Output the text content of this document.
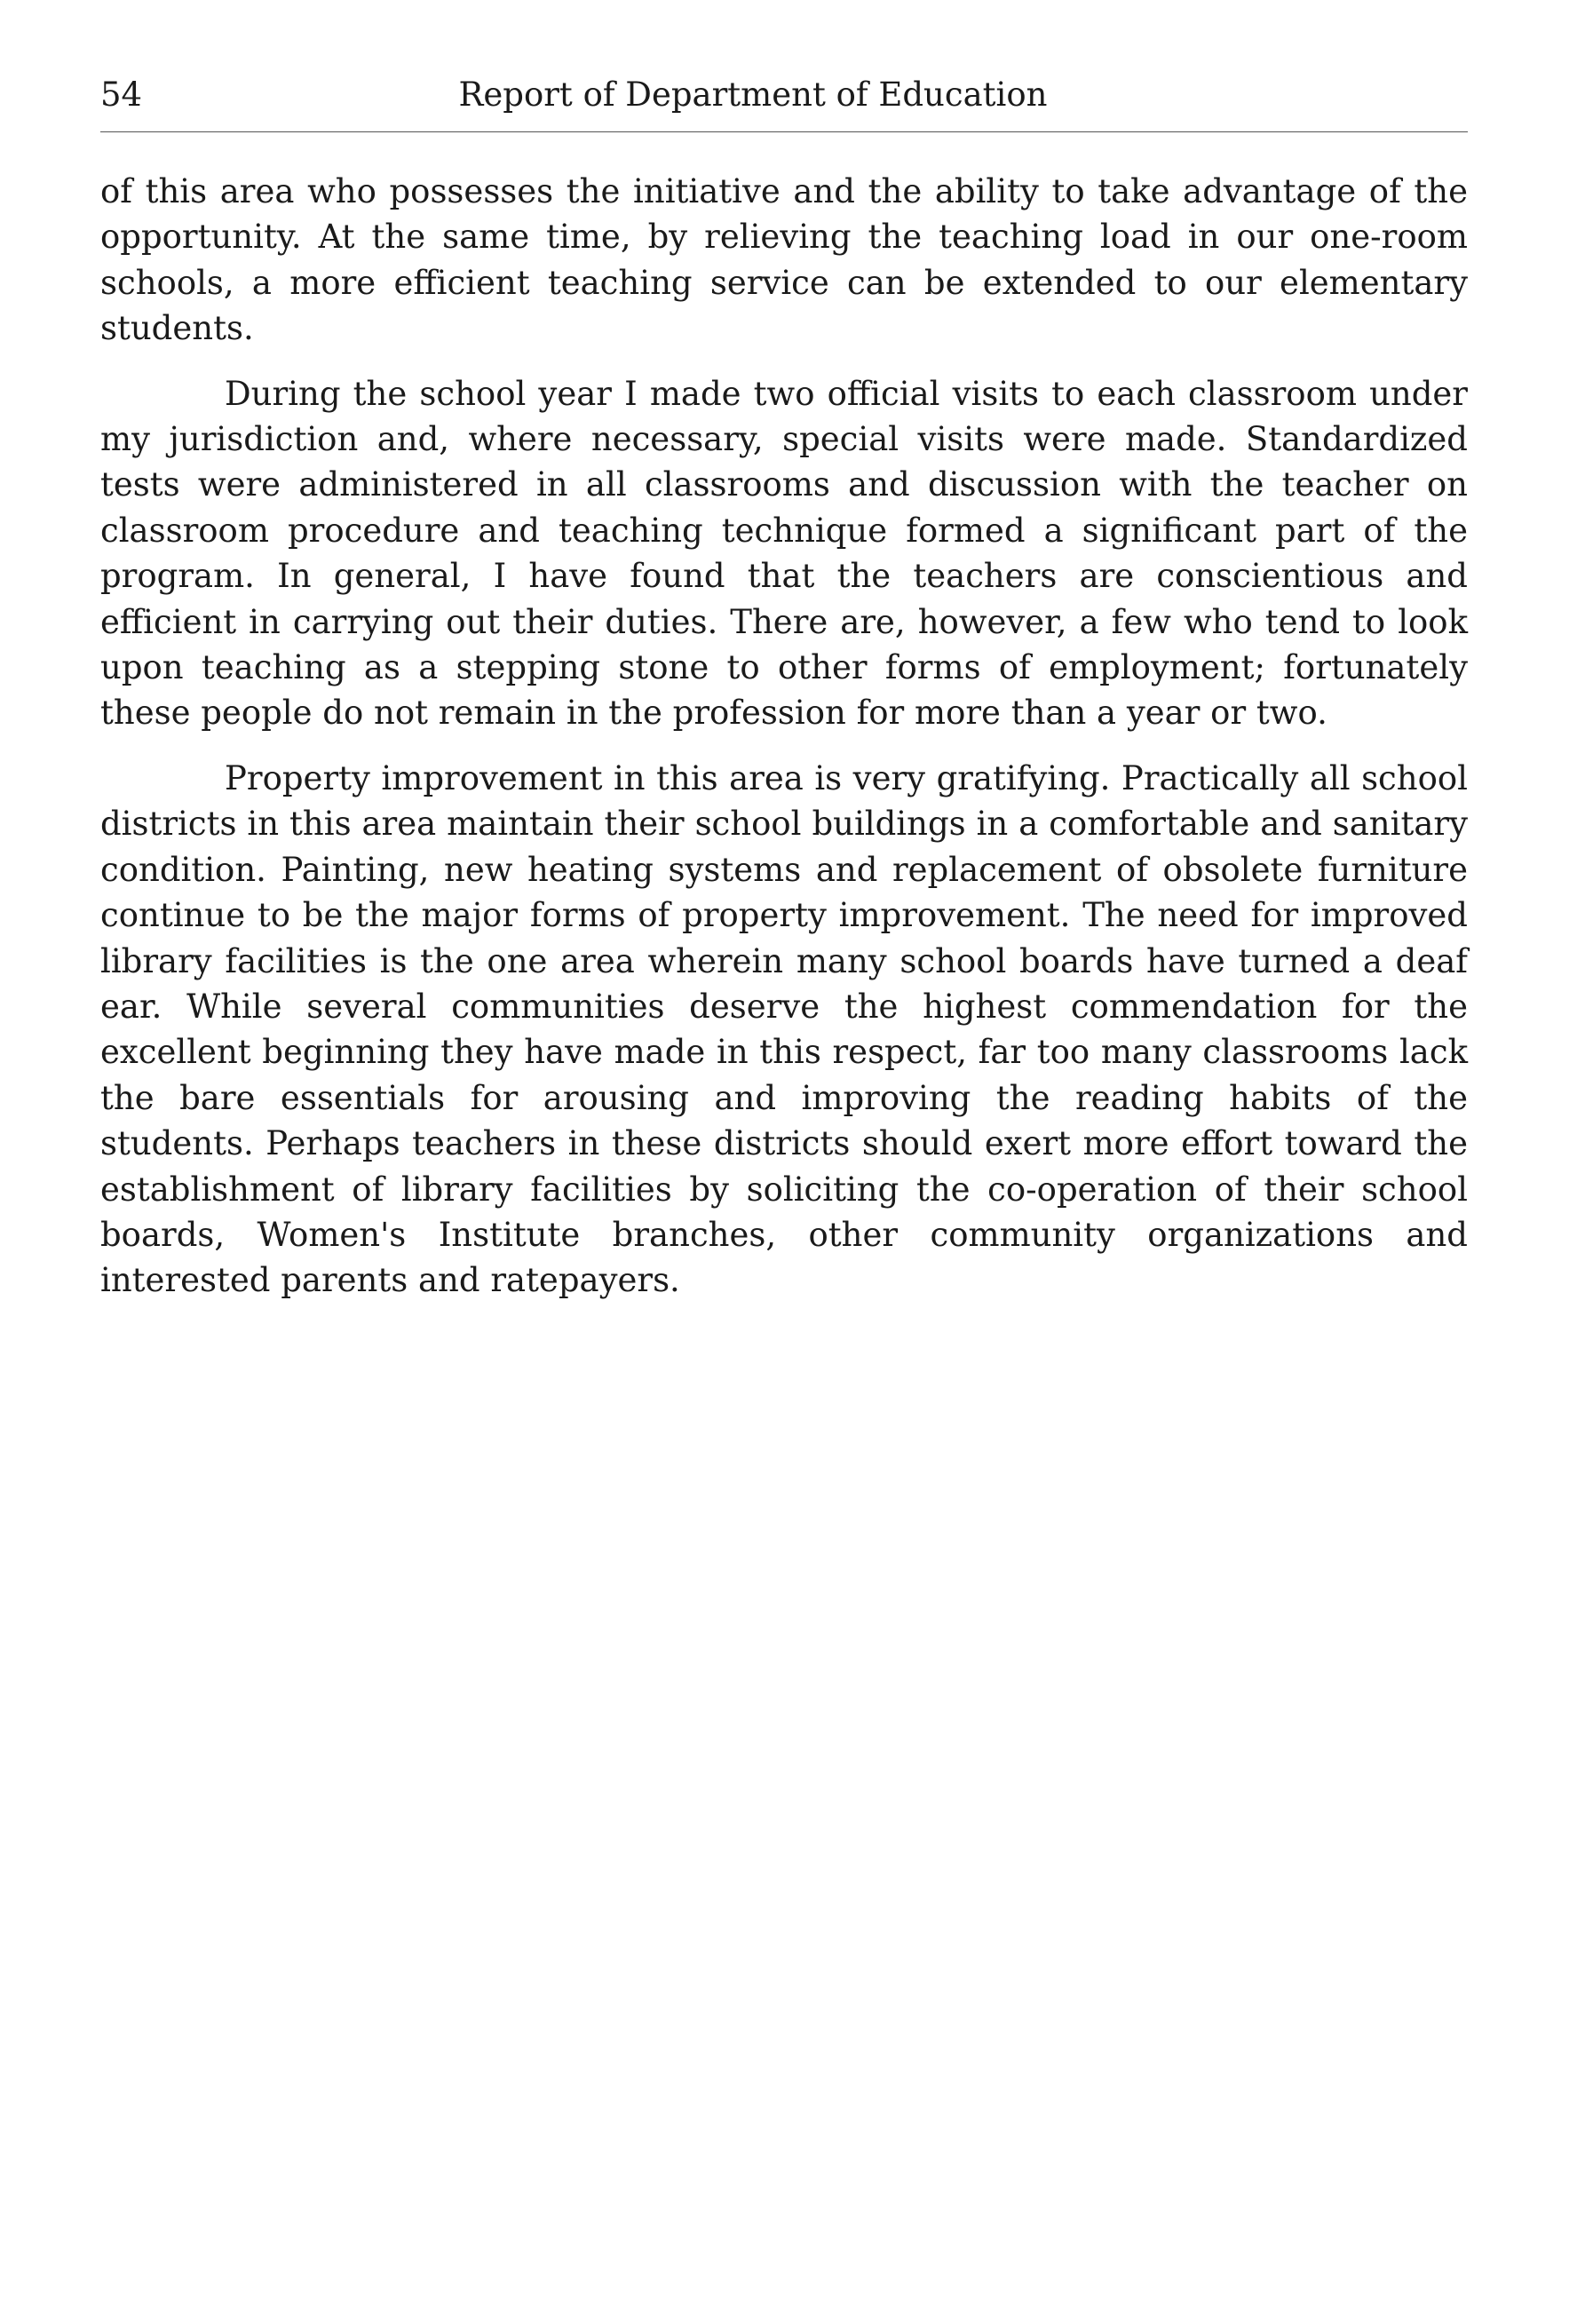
54	Report of Department of Education

of this area who possesses the initiative and the ability to take advantage of the opportunity. At the same time, by relieving the teaching load in our one-room schools, a more efficient teaching service can be extended to our elementary students.

During the school year I made two official visits to each classroom under my jurisdiction and, where necessary, special visits were made. Standardized tests were administered in all classrooms and discussion with the teacher on classroom procedure and teaching technique formed a significant part of the program. In general, I have found that the teachers are conscientious and efficient in carrying out their duties. There are, however, a few who tend to look upon teaching as a stepping stone to other forms of employment; fortunately these people do not remain in the profession for more than a year or two.

Property improvement in this area is very gratifying. Practically all school districts in this area maintain their school buildings in a comfortable and sanitary condition. Painting, new heating systems and replacement of obsolete furniture continue to be the major forms of property improvement. The need for improved library facilities is the one area wherein many school boards have turned a deaf ear. While several communities deserve the highest commendation for the excellent beginning they have made in this respect, far too many classrooms lack the bare essentials for arousing and improving the reading habits of the students. Perhaps teachers in these districts should exert more effort toward the establishment of library facilities by soliciting the co-operation of their school boards, Women's Institute branches, other community organizations and interested parents and ratepayers.
